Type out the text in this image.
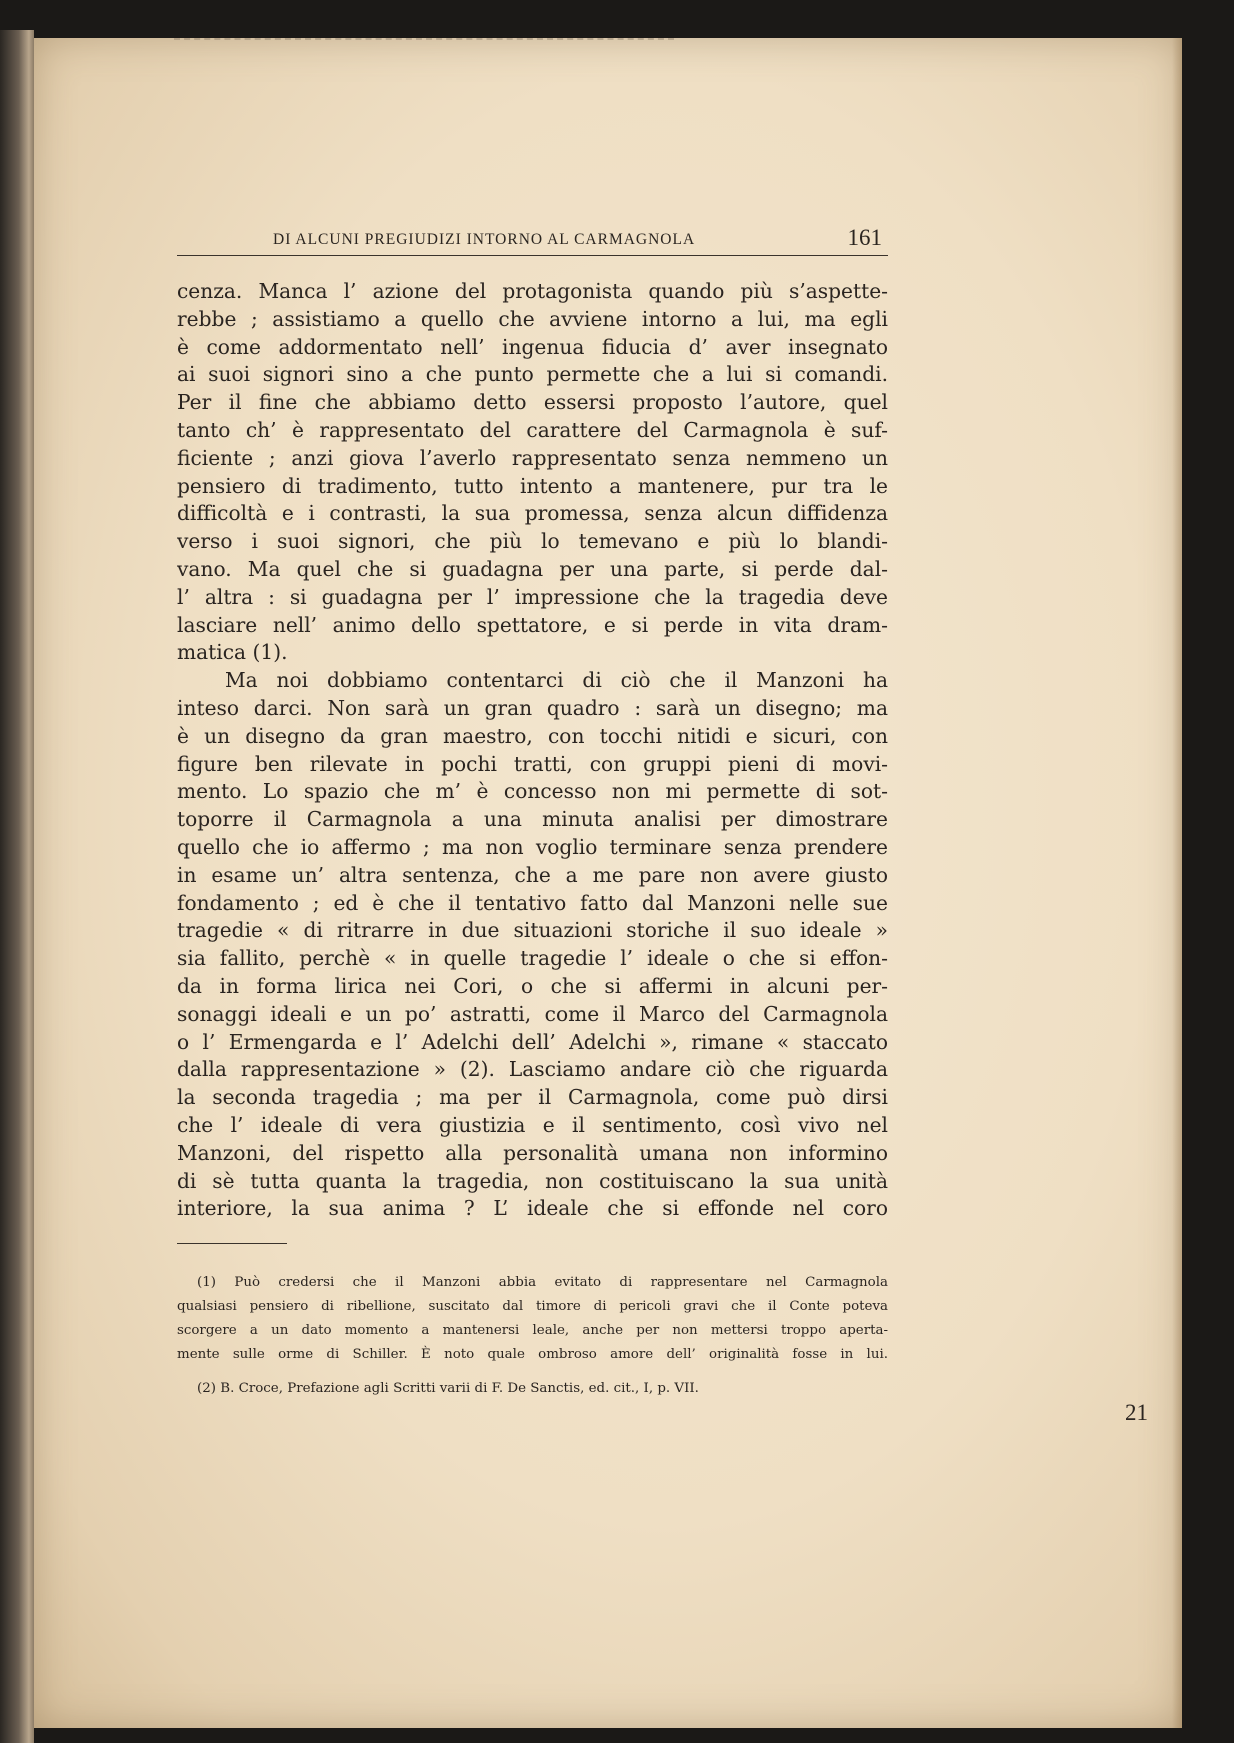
DI ALCUNI PREGIUDIZI INTORNO AL CARMAGNOLA	161
cenza. Manca l’ azione del protagonista quando più s’aspette-
rebbe ; assistiamo a quello che avviene intorno a lui, ma egli
è come addormentato nell’ ingenua fiducia d’ aver insegnato
ai suoi signori sino a che punto permette che a lui si comandi.
Per il fine che abbiamo detto essersi proposto l’autore, quel
tanto ch’ è rappresentato del carattere del Carmagnola è suf-
ficiente ; anzi giova l’averlo rappresentato senza nemmeno un
pensiero di tradimento, tutto intento a mantenere, pur tra le
difficoltà e i contrasti, la sua promessa, senza alcun diffidenza
verso i suoi signori, che più lo temevano e più lo blandi-
vano. Ma quel che si guadagna per una parte, si perde dal-
l’ altra : si guadagna per l’ impressione che la tragedia deve
lasciare nell’ animo dello spettatore, e si perde in vita dram-
matica (1).
Ma noi dobbiamo contentarci di ciò che il Manzoni ha
inteso darci. Non sarà un gran quadro : sarà un disegno; ma
è un disegno da gran maestro, con tocchi nitidi e sicuri, con
figure ben rilevate in pochi tratti, con gruppi pieni di movi-
mento. Lo spazio che m’ è concesso non mi permette di sot-
toporre il Carmagnola a una minuta analisi per dimostrare
quello che io affermo ; ma non voglio terminare senza prendere
in esame un’ altra sentenza, che a me pare non avere giusto
fondamento ; ed è che il tentativo fatto dal Manzoni nelle sue
tragedie « di ritrarre in due situazioni storiche il suo ideale »
sia fallito, perchè « in quelle tragedie l’ ideale o che si effon-
da in forma lirica nei Cori, o che si affermi in alcuni per-
sonaggi ideali e un po’ astratti, come il Marco del Carmagnola
o l’ Ermengarda e l’ Adelchi dell’ Adelchi », rimane « staccato
dalla rappresentazione » (2). Lasciamo andare ciò che riguarda
la seconda tragedia ; ma per il Carmagnola, come può dirsi
che l’ ideale di vera giustizia e il sentimento, così vivo nel
Manzoni, del rispetto alla personalità umana non informino
di sè tutta quanta la tragedia, non costituiscano la sua unità
interiore, la sua anima ? L’ ideale che si effonde nel coro
(1) Può credersi che il Manzoni abbia evitato di rappresentare nel Carmagnola
qualsiasi pensiero di ribellione, suscitato dal timore di pericoli gravi che il Conte poteva
scorgere a un dato momento a mantenersi leale, anche per non mettersi troppo aperta-
mente sulle orme di Schiller. È noto quale ombroso amore dell’ originalità fosse in lui.
(2) B. Croce, Prefazione agli Scritti varii di F. De Sanctis, ed. cit., I, p. VII.
21
